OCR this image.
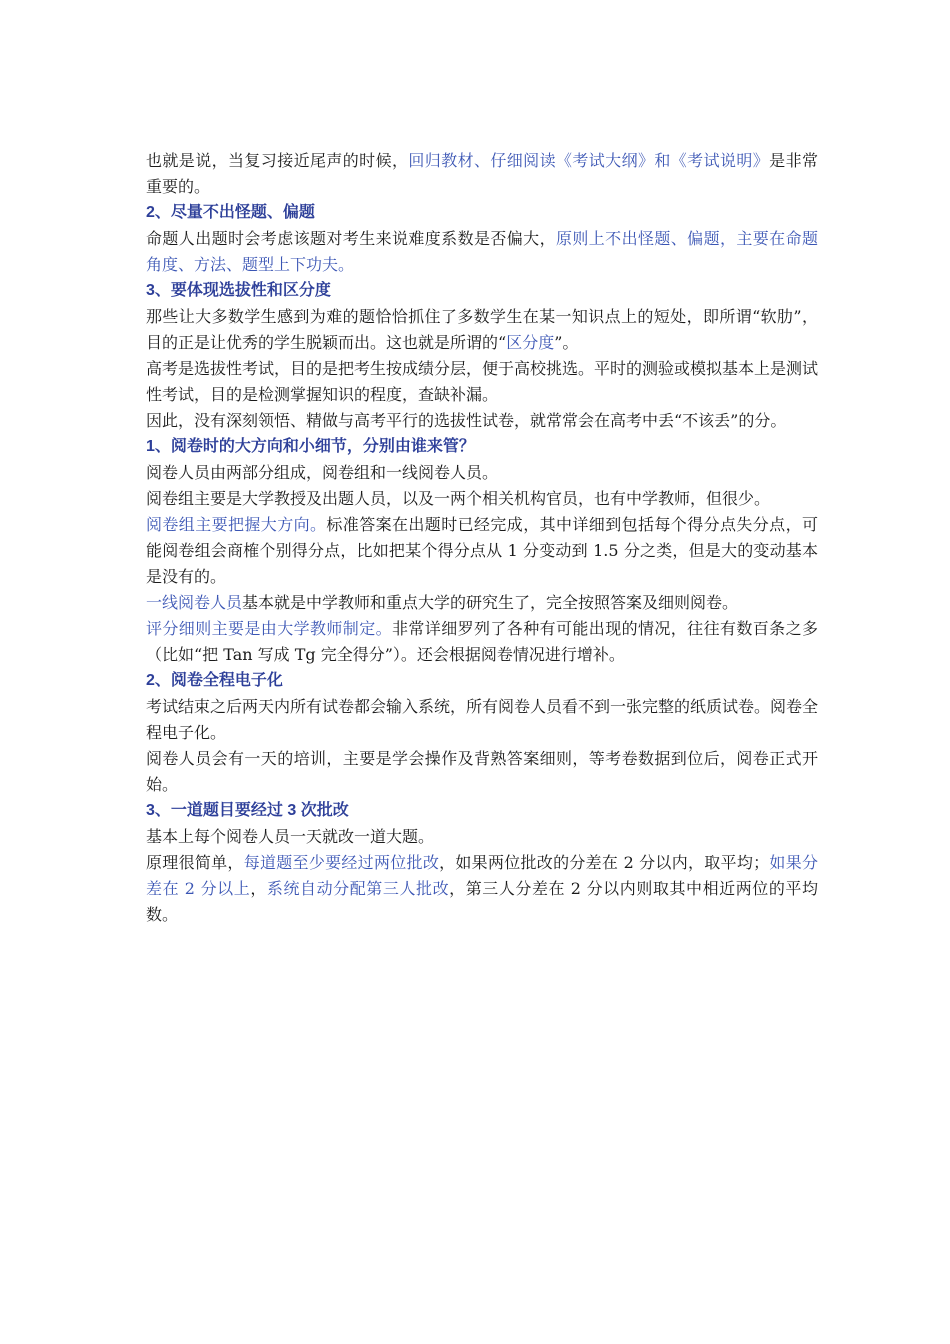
也就是说，当复习接近尾声的时候，回归教材、仔细阅读《考试大纲》和《考试说明》是非常重要的。

2、尽量不出怪题、偏题

命题人出题时会考虑该题对考生来说难度系数是否偏大，原则上不出怪题、偏题，主要在命题角度、方法、题型上下功夫。

3、要体现选拔性和区分度

那些让大多数学生感到为难的题恰恰抓住了多数学生在某一知识点上的短处，即所谓“软肋”，目的正是让优秀的学生脱颖而出。这也就是所谓的“区分度”。

高考是选拔性考试，目的是把考生按成绩分层，便于高校挑选。平时的测验或模拟基本上是测试性考试，目的是检测掌握知识的程度，查缺补漏。

因此，没有深刻领悟、精做与高考平行的选拔性试卷，就常常会在高考中丢“不该丢”的分。

1、阅卷时的大方向和小细节，分别由谁来管？

阅卷人员由两部分组成，阅卷组和一线阅卷人员。

阅卷组主要是大学教授及出题人员，以及一两个相关机构官员，也有中学教师，但很少。

阅卷组主要把握大方向。标准答案在出题时已经完成，其中详细到包括每个得分点失分点，可能阅卷组会商榷个别得分点，比如把某个得分点从 1 分变动到 1.5 分之类，但是大的变动基本是没有的。

一线阅卷人员基本就是中学教师和重点大学的研究生了，完全按照答案及细则阅卷。

评分细则主要是由大学教师制定。非常详细罗列了各种有可能出现的情况，往往有数百条之多（比如“把 Tan 写成 Tg 完全得分”）。还会根据阅卷情况进行增补。

2、阅卷全程电子化

考试结束之后两天内所有试卷都会输入系统，所有阅卷人员看不到一张完整的纸质试卷。阅卷全程电子化。

阅卷人员会有一天的培训，主要是学会操作及背熟答案细则，等考卷数据到位后，阅卷正式开始。

3、一道题目要经过 3 次批改

基本上每个阅卷人员一天就改一道大题。

原理很简单，每道题至少要经过两位批改，如果两位批改的分差在 2 分以内，取平均；如果分差在 2 分以上，系统自动分配第三人批改，第三人分差在 2 分以内则取其中相近两位的平均数。
